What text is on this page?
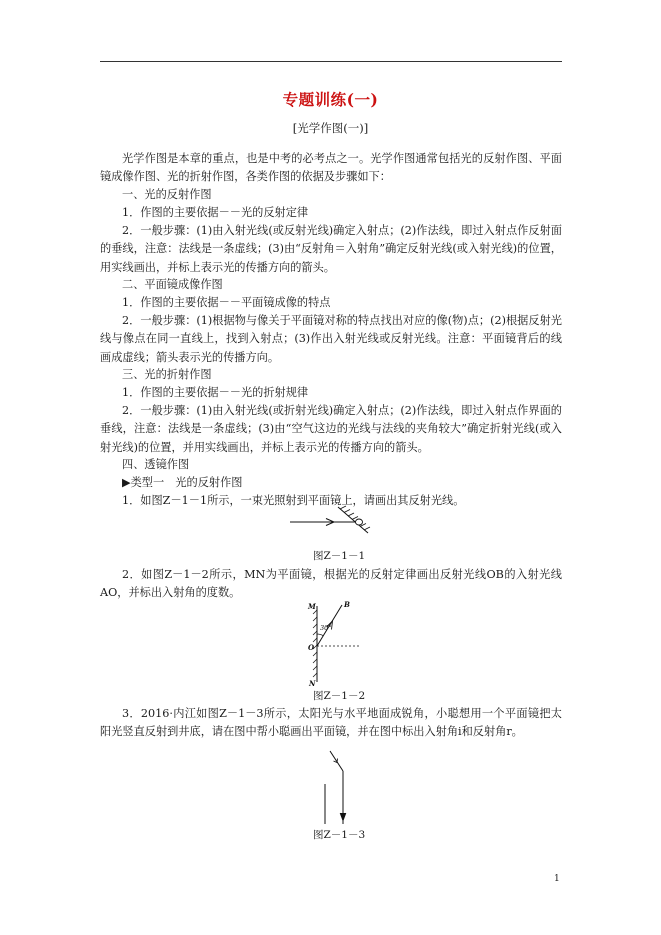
专题训练(一)
[光学作图(一)]
光学作图是本章的重点，也是中考的必考点之一。光学作图通常包括光的反射作图、平面镜成像作图、光的折射作图，各类作图的依据及步骤如下：
一、光的反射作图
1．作图的主要依据－－光的反射定律
2．一般步骤：(1)由入射光线(或反射光线)确定入射点；(2)作法线，即过入射点作反射面的垂线，注意：法线是一条虚线；(3)由“反射角＝入射角”确定反射光线(或入射光线)的位置，用实线画出，并标上表示光的传播方向的箭头。
二、平面镜成像作图
1．作图的主要依据－－平面镜成像的特点
2．一般步骤：(1)根据物与像关于平面镜对称的特点找出对应的像(物)点；(2)根据反射光线与像点在同一直线上，找到入射点；(3)作出入射光线或反射光线。注意：平面镜背后的线画成虚线；箭头表示光的传播方向。
三、光的折射作图
1．作图的主要依据－－光的折射规律
2．一般步骤：(1)由入射光线(或折射光线)确定入射点；(2)作法线，即过入射点作界面的垂线，注意：法线是一条虚线；(3)由“空气这边的光线与法线的夹角较大”确定折射光线(或入射光线)的位置，并用实线画出，并标上表示光的传播方向的箭头。
四、透镜作图
▶类型一　光的反射作图
1．如图Z－1－1所示，一束光照射到平面镜上，请画出其反射光线。
图Z－1－1
2．如图Z－1－2所示，MN为平面镜，根据光的反射定律画出反射光线OB的入射光线AO，并标出入射角的度数。
M	B
30°
O
N
图Z－1－2
3．2016·内江如图Z－1－3所示，太阳光与水平地面成锐角，小聪想用一个平面镜把太阳光竖直反射到井底，请在图中帮小聪画出平面镜，并在图中标出入射角i和反射角r。
图Z－1－3
1
